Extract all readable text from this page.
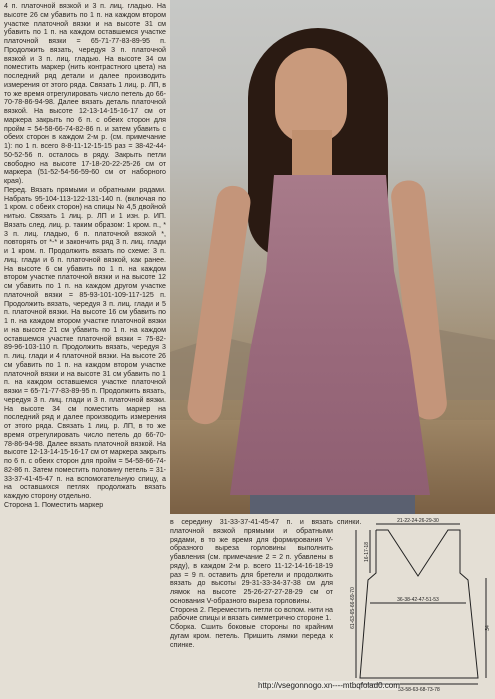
4 п. платочной вязкой и 3 п. лиц. гладью. На высоте 26 см убавить по 1 п. на каждом втором участке платочной вязки и на высоте 31 см убавить по 1 п. на каждом оставшемся участке платочной вязки = 65-71-77-83-89-95 п. Продолжить вязать, чередуя 3 п. платочной вязкой и 3 п. лиц. гладью. На высоте 34 см поместить маркер (нить контрастного цвета) на последний ряд детали и далее производить измерения от этого ряда. Связать 1 лиц. р. ЛП, в то же время отрегулировать число петель до 66-70-78-86-94-98. Далее вязать деталь платочной вязкой. На высоте 12-13-14-15-16-17 см от маркера закрыть по 6 п. с обеих сторон для пройм = 54-58-66-74-82-86 п. и затем убавить с обеих сторон в каждом 2-м р. (см. примечание 1): по 1 п. всего 8-8-11-12-15-15 раз = 38-42-44-50-52-56 п. осталось в ряду. Закрыть петли свободно на высоте 17-18-20-22-25-26 см от маркера (51-52-54-56-59-60 см от наборного края).

Перед. Вязать прямыми и обратными рядами. Набрать 95-104-113-122-131-140 п. (включая по 1 кром. с обеих сторон) на спицы № 4,5 двойной нитью. Связать 1 лиц. р. ЛП и 1 изн. р. ИП. Вязать след. лиц. р. таким образом: 1 кром. п., * 3 п. лиц. гладью, 6 п. платочной вязкой *, повторять от *-* и закончить ряд 3 п. лиц. глади и 1 кром. п. Продолжить вязать по схеме: 3 п. лиц. глади и 6 п. платочной вязкой, как ранее. На высоте 6 см убавить по 1 п. на каждом втором участке платочной вязки и на высоте 12 см убавить по 1 п. на каждом другом участке платочной вязки = 85-93-101-109-117-125 п. Продолжить вязать, чередуя 3 п. лиц. глади и 5 п. платочной вязки. На высоте 16 см убавить по 1 п. на каждом втором участке платочной вязки и на высоте 21 см убавить по 1 п. на каждом оставшемся участке платочной вязки = 75-82-89-96-103-110 п. Продолжить вязать, чередуя 3 п. лиц. глади и 4 платочной вязки. На высоте 26 см убавить по 1 п. на каждом втором участке платочной вязки и на высоте 31 см убавить по 1 п. на каждом оставшемся участке платочной вязки = 65-71-77-83-89-95 п. Продолжить вязать, чередуя 3 п. лиц. глади и 3 п. платочной вязки. На высоте 34 см поместить маркер на последний ряд и далее производить измерения от этого ряда. Связать 1 лиц. р. ЛП, в то же время отрегулировать число петель до 66-70-78-86-94-98. Далее вязать платочной вязкой. На высоте 12-13-14-15-16-17 см от маркера закрыть по 6 п. с обеих сторон для пройм = 54-58-66-74-82-86 п. Затем поместить половину петель = 31-33-37-41-45-47 п. на вспомогательную спицу, а на оставшихся петлях продолжать вязать каждую сторону отдельно.

Сторона 1. Поместить маркер

в середину 31-33-37-41-45-47 п. и вязать платочной вязкой прямыми и обратными рядами, в то же время для формирования V-образного выреза горловины выполнить убавления (см. примечание 2 = 2 п. убавлены в ряду), в каждом 2-м р. всего 11-12-14-16-18-19 раз = 9 п. оставить для бретели и продолжить вязать до высоты 29-31-33-34-37-38 см для лямок на высоте 25-26-27-27-28-29 см от основания V-образного выреза горловины.

Сторона 2. Переместить петли со вспом. нити на рабочие спицы и вязать симметрично стороне 1.

Сборка. Сшить боковые стороны по крайним дугам кром. петель. Пришить лямки переда к спинке.

спинки.	21-22-24-26-29-30
61-63-65-66-69-70
16-17-18
36-38-42-47-51-53
34
53-58-63-68-73-78
http://vsegonnogo.xn----mtbqfolad0.com
